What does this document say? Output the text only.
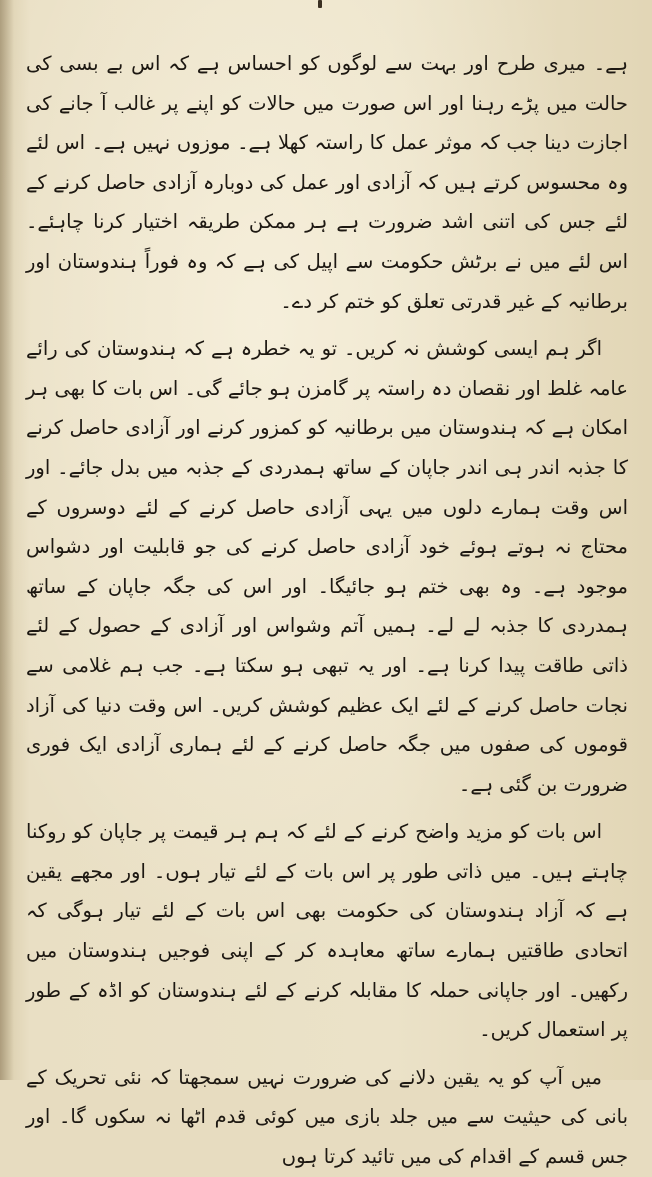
ہے۔ میری طرح اور بہت سے لوگوں کو احساس ہے کہ اس بے بسی کی حالت میں پڑے رہنا اور اس صورت میں حالات کو اپنے پر غالب آ جانے کی اجازت دینا جب کہ موثر عمل کا راستہ کھلا ہے۔ موزوں نہیں ہے۔ اس لئے وہ محسوس کرتے ہیں کہ آزادی اور عمل کی دوبارہ آزادی حاصل کرنے کے لئے جس کی اتنی اشد ضرورت ہے ہر ممکن طریقہ اختیار کرنا چاہئے۔ اس لئے میں نے برٹش حکومت سے اپیل کی ہے کہ وہ فوراً ہندوستان اور برطانیہ کے غیر قدرتی تعلق کو ختم کر دے۔

اگر ہم ایسی کوشش نہ کریں۔ تو یہ خطرہ ہے کہ ہندوستان کی رائے عامہ غلط اور نقصان دہ راستہ پر گامزن ہو جائے گی۔ اس بات کا بھی ہر امکان ہے کہ ہندوستان میں برطانیہ کو کمزور کرنے اور آزادی حاصل کرنے کا جذبہ اندر ہی اندر جاپان کے ساتھ ہمدردی کے جذبہ میں بدل جائے۔ اور اس وقت ہمارے دلوں میں یہی آزادی حاصل کرنے کے لئے دوسروں کے محتاج نہ ہوتے ہوئے خود آزادی حاصل کرنے کی جو قابلیت اور دشواس موجود ہے۔ وہ بھی ختم ہو جائیگا۔ اور اس کی جگہ جاپان کے ساتھ ہمدردی کا جذبہ لے لے۔ ہمیں آتم وشواس اور آزادی کے حصول کے لئے ذاتی طاقت پیدا کرنا ہے۔ اور یہ تبھی ہو سکتا ہے۔ جب ہم غلامی سے نجات حاصل کرنے کے لئے ایک عظیم کوشش کریں۔ اس وقت دنیا کی آزاد قوموں کی صفوں میں جگہ حاصل کرنے کے لئے ہماری آزادی ایک فوری ضرورت بن گئی ہے۔

اس بات کو مزید واضح کرنے کے لئے کہ ہم ہر قیمت پر جاپان کو روکنا چاہتے ہیں۔ میں ذاتی طور پر اس بات کے لئے تیار ہوں۔ اور مجھے یقین ہے کہ آزاد ہندوستان کی حکومت بھی اس بات کے لئے تیار ہوگی کہ اتحادی طاقتیں ہمارے ساتھ معاہدہ کر کے اپنی فوجیں ہندوستان میں رکھیں۔ اور جاپانی حملہ کا مقابلہ کرنے کے لئے ہندوستان کو اڈہ کے طور پر استعمال کریں۔

میں آپ کو یہ یقین دلانے کی ضرورت نہیں سمجھتا کہ نئی تحریک کے بانی کی حیثیت سے میں جلد بازی میں کوئی قدم اٹھا نہ سکوں گا۔ اور جس قسم کے اقدام کی میں تائید کرتا ہوں
